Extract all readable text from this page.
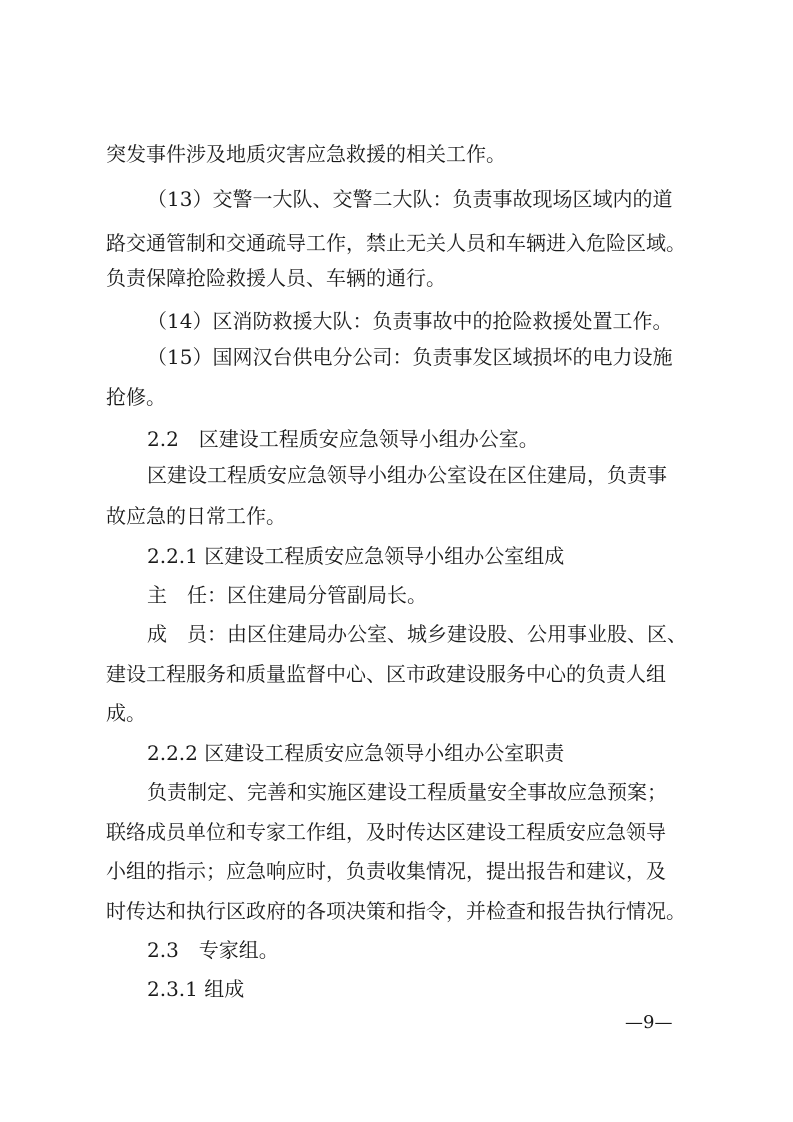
突发事件涉及地质灾害应急救援的相关工作。
（13）交警一大队、交警二大队：负责事故现场区域内的道
路交通管制和交通疏导工作，禁止无关人员和车辆进入危险区域。
负责保障抢险救援人员、车辆的通行。
（14）区消防救援大队：负责事故中的抢险救援处置工作。
（15）国网汉台供电分公司：负责事发区域损坏的电力设施
抢修。
2.2　区建设工程质安应急领导小组办公室。
区建设工程质安应急领导小组办公室设在区住建局，负责事
故应急的日常工作。
2.2.1 区建设工程质安应急领导小组办公室组成
主　任：区住建局分管副局长。
成　员：由区住建局办公室、城乡建设股、公用事业股、区、
建设工程服务和质量监督中心、区市政建设服务中心的负责人组
成。
2.2.2 区建设工程质安应急领导小组办公室职责
负责制定、完善和实施区建设工程质量安全事故应急预案；
联络成员单位和专家工作组，及时传达区建设工程质安应急领导
小组的指示；应急响应时，负责收集情况，提出报告和建议，及
时传达和执行区政府的各项决策和指令，并检查和报告执行情况。
2.3　专家组。
2.3.1 组成
—9—
